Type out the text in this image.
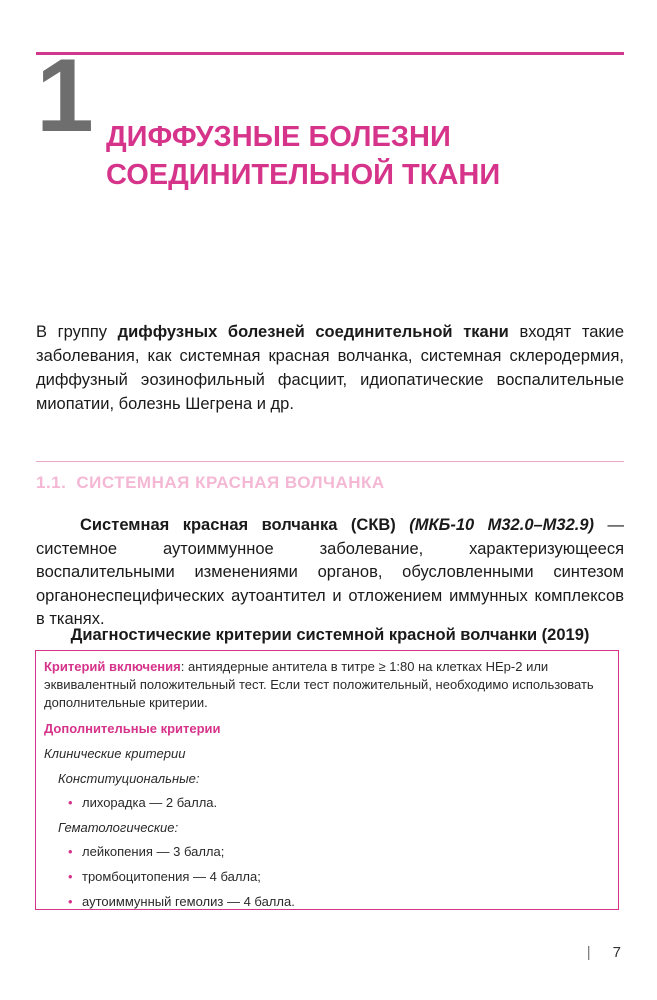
1 ДИФФУЗНЫЕ БОЛЕЗНИ
СОЕДИНИТЕЛЬНОЙ ТКАНИ

В группу диффузных болезней соединительной ткани входят такие заболевания, как системная красная волчанка, системная склеродермия, диффузный эозинофильный фасциит, идиопатические воспалительные миопатии, болезнь Шегрена и др.

1.1. СИСТЕМНАЯ КРАСНАЯ ВОЛЧАНКА

Системная красная волчанка (СКВ) (МКБ-10 M32.0–M32.9) — системное аутоиммунное заболевание, характеризующееся воспалительными изменениями органов, обусловленными синтезом органонеспецифических аутоантител и отложением иммунных комплексов в тканях.

Диагностические критерии системной красной волчанки (2019)

Критерий включения: антиядерные антитела в титре ≥ 1:80 на клетках HEp-2 или эквивалентный положительный тест. Если тест положительный, необходимо использовать дополнительные критерии.

Дополнительные критерии

Клинические критерии

Конституциональные:

• лихорадка — 2 балла.

Гематологические:

• лейкопения — 3 балла;
• тромбоцитопения — 4 балла;
• аутоиммунный гемолиз — 4 балла.
| 7
